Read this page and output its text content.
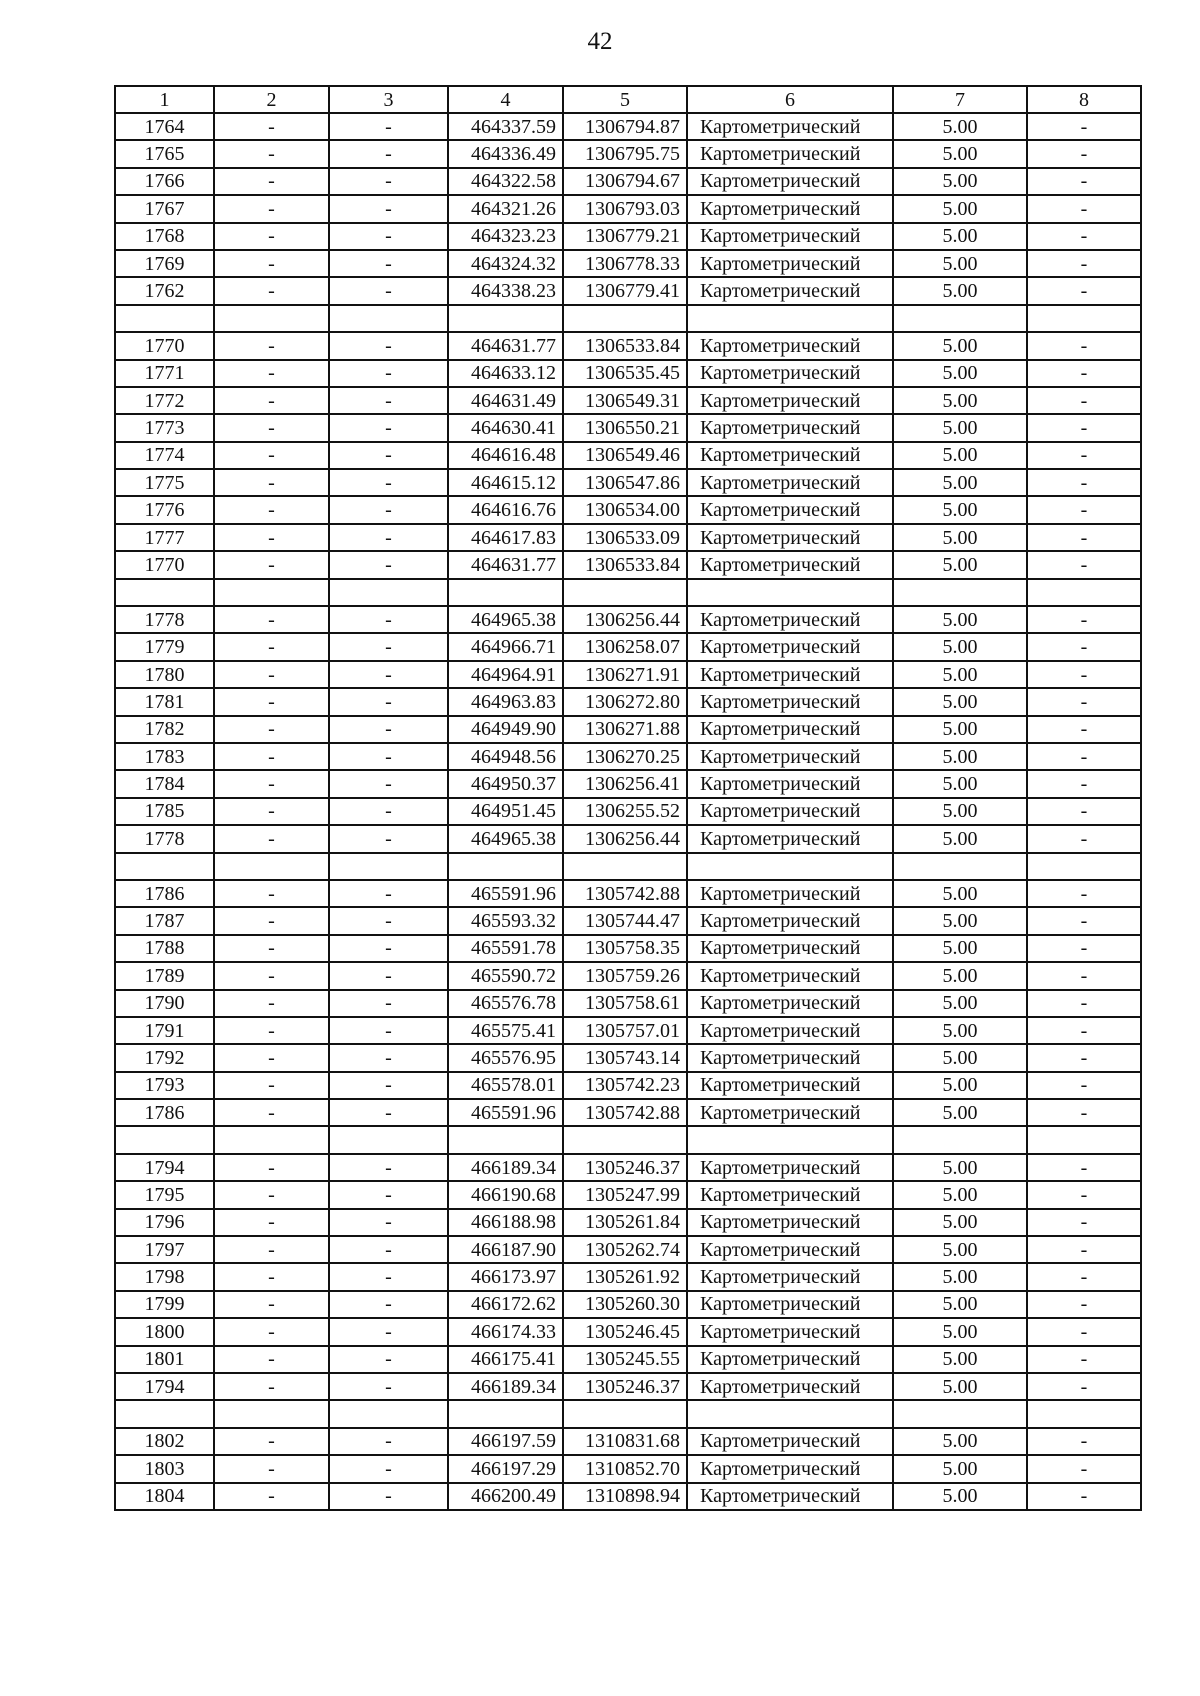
42
1	2	3	4	5	6	7	8
1764	-	-	464337.59	1306794.87	Картометрический	5.00	-
1765	-	-	464336.49	1306795.75	Картометрический	5.00	-
1766	-	-	464322.58	1306794.67	Картометрический	5.00	-
1767	-	-	464321.26	1306793.03	Картометрический	5.00	-
1768	-	-	464323.23	1306779.21	Картометрический	5.00	-
1769	-	-	464324.32	1306778.33	Картометрический	5.00	-
1762	-	-	464338.23	1306779.41	Картометрический	5.00	-

1770	-	-	464631.77	1306533.84	Картометрический	5.00	-
1771	-	-	464633.12	1306535.45	Картометрический	5.00	-
1772	-	-	464631.49	1306549.31	Картометрический	5.00	-
1773	-	-	464630.41	1306550.21	Картометрический	5.00	-
1774	-	-	464616.48	1306549.46	Картометрический	5.00	-
1775	-	-	464615.12	1306547.86	Картометрический	5.00	-
1776	-	-	464616.76	1306534.00	Картометрический	5.00	-
1777	-	-	464617.83	1306533.09	Картометрический	5.00	-
1770	-	-	464631.77	1306533.84	Картометрический	5.00	-

1778	-	-	464965.38	1306256.44	Картометрический	5.00	-
1779	-	-	464966.71	1306258.07	Картометрический	5.00	-
1780	-	-	464964.91	1306271.91	Картометрический	5.00	-
1781	-	-	464963.83	1306272.80	Картометрический	5.00	-
1782	-	-	464949.90	1306271.88	Картометрический	5.00	-
1783	-	-	464948.56	1306270.25	Картометрический	5.00	-
1784	-	-	464950.37	1306256.41	Картометрический	5.00	-
1785	-	-	464951.45	1306255.52	Картометрический	5.00	-
1778	-	-	464965.38	1306256.44	Картометрический	5.00	-

1786	-	-	465591.96	1305742.88	Картометрический	5.00	-
1787	-	-	465593.32	1305744.47	Картометрический	5.00	-
1788	-	-	465591.78	1305758.35	Картометрический	5.00	-
1789	-	-	465590.72	1305759.26	Картометрический	5.00	-
1790	-	-	465576.78	1305758.61	Картометрический	5.00	-
1791	-	-	465575.41	1305757.01	Картометрический	5.00	-
1792	-	-	465576.95	1305743.14	Картометрический	5.00	-
1793	-	-	465578.01	1305742.23	Картометрический	5.00	-
1786	-	-	465591.96	1305742.88	Картометрический	5.00	-

1794	-	-	466189.34	1305246.37	Картометрический	5.00	-
1795	-	-	466190.68	1305247.99	Картометрический	5.00	-
1796	-	-	466188.98	1305261.84	Картометрический	5.00	-
1797	-	-	466187.90	1305262.74	Картометрический	5.00	-
1798	-	-	466173.97	1305261.92	Картометрический	5.00	-
1799	-	-	466172.62	1305260.30	Картометрический	5.00	-
1800	-	-	466174.33	1305246.45	Картометрический	5.00	-
1801	-	-	466175.41	1305245.55	Картометрический	5.00	-
1794	-	-	466189.34	1305246.37	Картометрический	5.00	-

1802	-	-	466197.59	1310831.68	Картометрический	5.00	-
1803	-	-	466197.29	1310852.70	Картометрический	5.00	-
1804	-	-	466200.49	1310898.94	Картометрический	5.00	-
